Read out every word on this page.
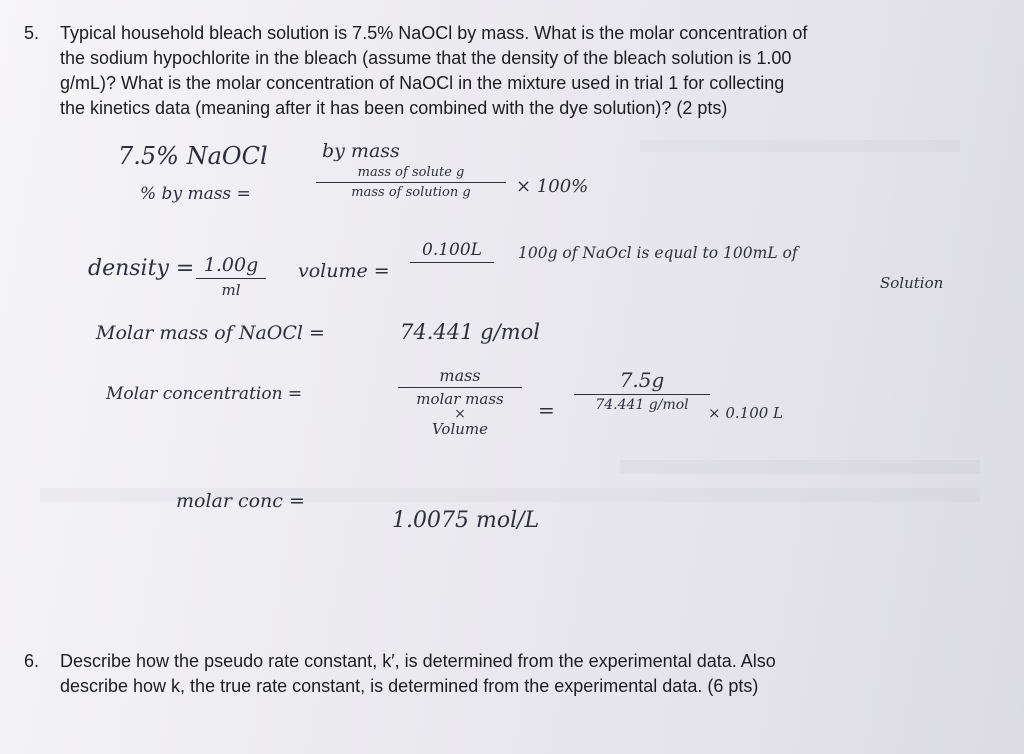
5. Typical household bleach solution is 7.5% NaOCl by mass. What is the molar concentration of
the sodium hypochlorite in the bleach (assume that the density of the bleach solution is 1.00
g/mL)? What is the molar concentration of NaOCl in the mixture used in trial 1 for collecting
the kinetics data (meaning after it has been combined with the dye solution)? (2 pts)
7.5% NaOCl	by mass
% by mass =
mass of solute g
mass of solution g	× 100%
density = 1.00g
ml
volume =
0.100L 100g of NaOcl is equal to 100mL of
Solution
Molar mass of NaOCl =	74.441 g/mol
Molar concentration =
mass
molar mass
×
Volume
=
7.5g
74.441 g/mol × 0.100 L
molar conc =
1.0075 mol/L
6. Describe how the pseudo rate constant, k′, is determined from the experimental data. Also
describe how k, the true rate constant, is determined from the experimental data. (6 pts)
